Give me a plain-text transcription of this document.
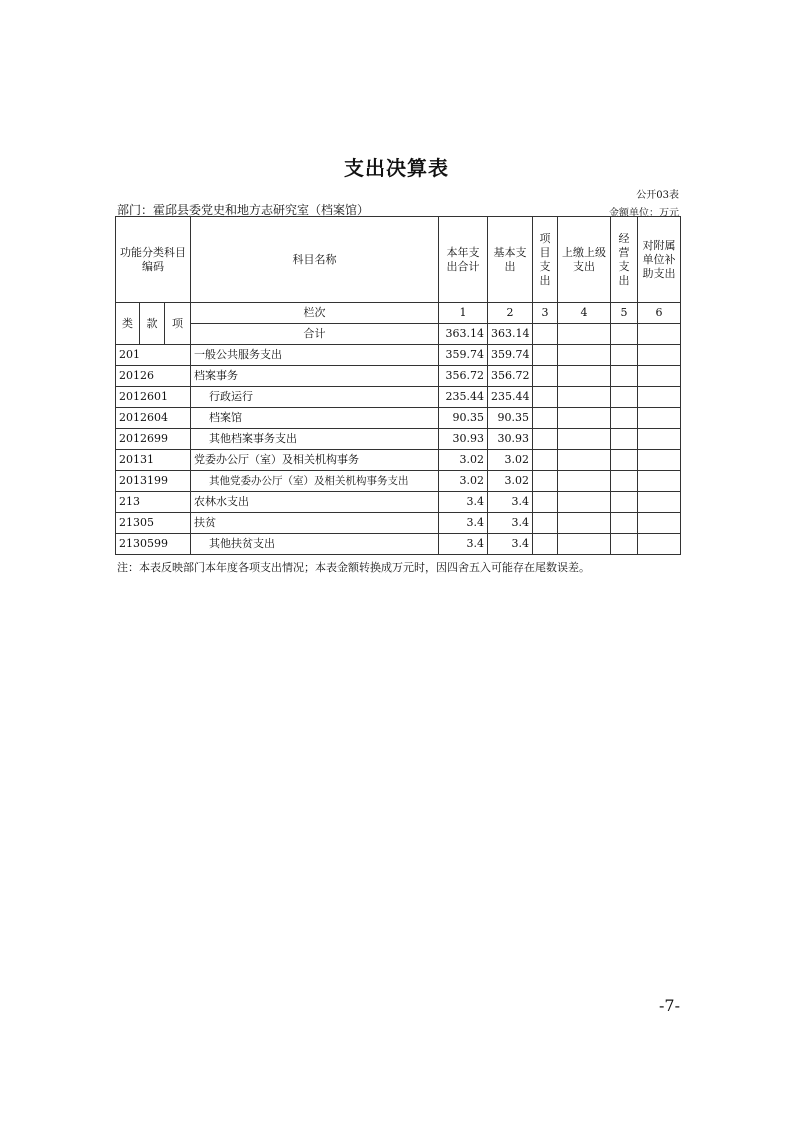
支出决算表
公开03表
部门：霍邱县委党史和地方志研究室（档案馆）	金额单位：万元
功能分类科目编码			科目名称	本年支出合计	基本支出	项目支出	上缴上级支出	经营支出	对附属单位补助支出
类	款	项	栏次	1	2	3	4	5	6
			合计	363.14	363.14				
201			一般公共服务支出	359.74	359.74				
20126			档案事务	356.72	356.72				
2012601			行政运行	235.44	235.44				
2012604			档案馆	90.35	90.35				
2012699			其他档案事务支出	30.93	30.93				
20131			党委办公厅（室）及相关机构事务	3.02	3.02				
2013199			其他党委办公厅（室）及相关机构事务支出	3.02	3.02				
213			农林水支出	3.4	3.4				
21305			扶贫	3.4	3.4				
2130599			其他扶贫支出	3.4	3.4				
注：本表反映部门本年度各项支出情况；本表金额转换成万元时，因四舍五入可能存在尾数误差。
-7-
